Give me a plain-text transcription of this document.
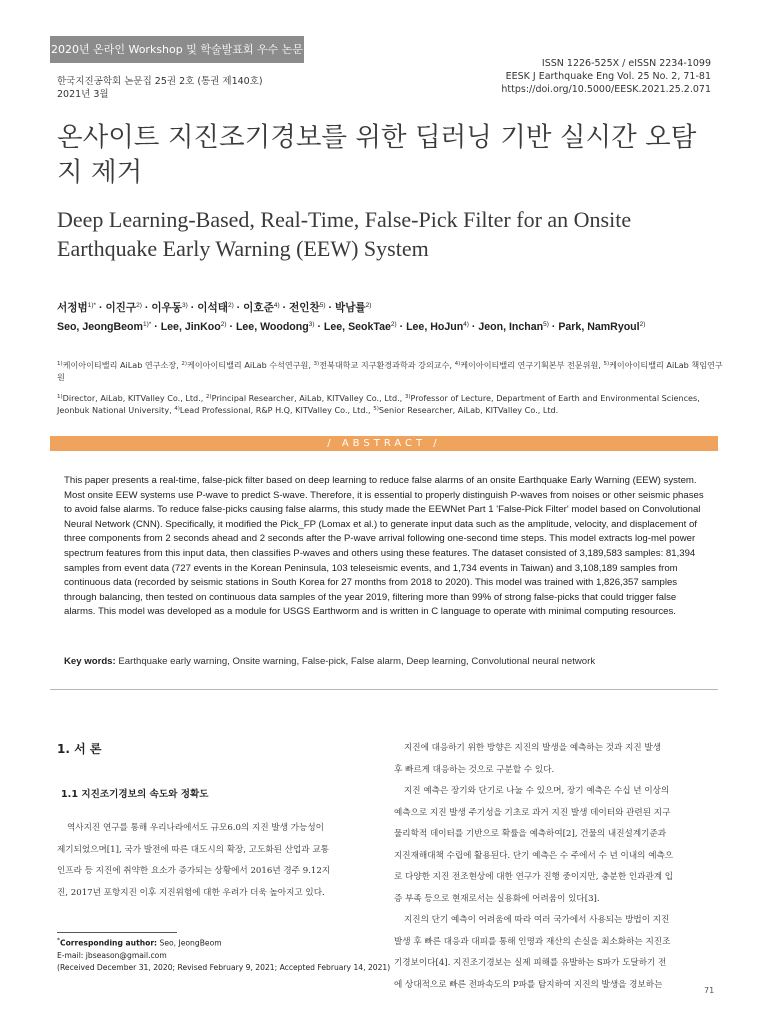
2020년 온라인 Workshop 및 학술발표회 우수 논문
한국지진공학회 논문집 25권 2호 (통권 제140호)
2021년 3월
ISSN 1226-525X / eISSN 2234-1099
EESK J Earthquake Eng Vol. 25 No. 2, 71-81
https://doi.org/10.5000/EESK.2021.25.2.071
온사이트 지진조기경보를 위한 딥러닝 기반 실시간 오탐지 제거
Deep Learning-Based, Real-Time, False-Pick Filter for an Onsite Earthquake Early Warning (EEW) System
서정범$^{1)*}$ · 이진구$^{2)}$ · 이우동$^{3)}$ · 이석태$^{2)}$ · 이호준$^{4)}$ · 전인찬$^{5)}$ · 박남률$^{2)}$
Seo, JeongBeom$^{1)*}$ · Lee, JinKoo$^{2)}$ · Lee, Woodong$^{3)}$ · Lee, SeokTae$^{2)}$ · Lee, HoJun$^{4)}$ · Jeon, Inchan$^{5)}$ · Park, NamRyoul$^{2)}$
$^{1)}$케이아이티밸리 AiLab 연구소장, $^{2)}$케이아이티밸리 AiLab 수석연구원, $^{3)}$전북대학교 지구환경과학과 강의교수, $^{4)}$케이아이티밸리 연구기획본부 전문위원, $^{5)}$케이아이티밸리 AiLab 책임연구원
$^{1)}$Director, AiLab, KITValley Co., Ltd., $^{2)}$Principal Researcher, AiLab, KITValley Co., Ltd., $^{3)}$Professor of Lecture, Department of Earth and Environmental Sciences, Jeonbuk National University, $^{4)}$Lead Professional, R&P H.Q, KITValley Co., Ltd., $^{5)}$Senior Researcher, AiLab, KITValley Co., Ltd.
/ ABSTRACT /
This paper presents a real-time, false-pick filter based on deep learning to reduce false alarms of an onsite Earthquake Early Warning (EEW) system. Most onsite EEW systems use P-wave to predict S-wave. Therefore, it is essential to properly distinguish P-waves from noises or other seismic phases to avoid false alarms. To reduce false-picks causing false alarms, this study made the EEWNet Part 1 'False-Pick Filter' model based on Convolutional Neural Network (CNN). Specifically, it modified the Pick_FP (Lomax et al.) to generate input data such as the amplitude, velocity, and displacement of three components from 2 seconds ahead and 2 seconds after the P-wave arrival following one-second time steps. This model extracts log-mel power spectrum features from this input data, then classifies P-waves and others using these features. The dataset consisted of 3,189,583 samples: 81,394 samples from event data (727 events in the Korean Peninsula, 103 teleseismic events, and 1,734 events in Taiwan) and 3,108,189 samples from continuous data (recorded by seismic stations in South Korea for 27 months from 2018 to 2020). This model was trained with 1,826,357 samples through balancing, then tested on continuous data samples of the year 2019, filtering more than 99% of strong false-picks that could trigger false alarms. This model was developed as a module for USGS Earthworm and is written in C language to operate with minimal computing resources.
Key words: Earthquake early warning, Onsite warning, False-pick, False alarm, Deep learning, Convolutional neural network
1. 서 론
1.1 지진조기경보의 속도와 정확도
역사지진 연구를 통해 우리나라에서도 규모6.0의 지진 발생 가능성이
제기되었으며[1], 국가 발전에 따른 대도시의 확장, 고도화된 산업과 교통
인프라 등 지진에 취약한 요소가 증가되는 상황에서 2016년 경주 9.12지
진, 2017년 포항지진 이후 지진위험에 대한 우려가 더욱 높아지고 있다.
지진에 대응하기 위한 방향은 지진의 발생을 예측하는 것과 지진 발생
후 빠르게 대응하는 것으로 구분할 수 있다.
지진 예측은 장기와 단기로 나눌 수 있으며, 장기 예측은 수십 년 이상의
예측으로 지진 발생 주기성을 기초로 과거 지진 발생 데이터와 관련된 지구
물리학적 데이터를 기반으로 확률을 예측하여[2], 건물의 내진설계기준과
지진재해대책 수립에 활용된다. 단기 예측은 수 주에서 수 년 이내의 예측으
로 다양한 지진 전조현상에 대한 연구가 진행 중이지만, 충분한 인과관계 입
증 부족 등으로 현재로서는 실용화에 어려움이 있다[3].
지진의 단기 예측이 어려움에 따라 여러 국가에서 사용되는 방법이 지진
발생 후 빠른 대응과 대피를 통해 인명과 재산의 손실을 최소화하는 지진조
기경보이다[4]. 지진조기경보는 실제 피해를 유발하는 S파가 도달하기 전
에 상대적으로 빠른 전파속도의 P파를 탐지하여 지진의 발생을 경보하는
*Corresponding author: Seo, JeongBeom
E-mail: jbseason@gmail.com
(Received December 31, 2020; Revised February 9, 2021; Accepted February 14, 2021)
71
